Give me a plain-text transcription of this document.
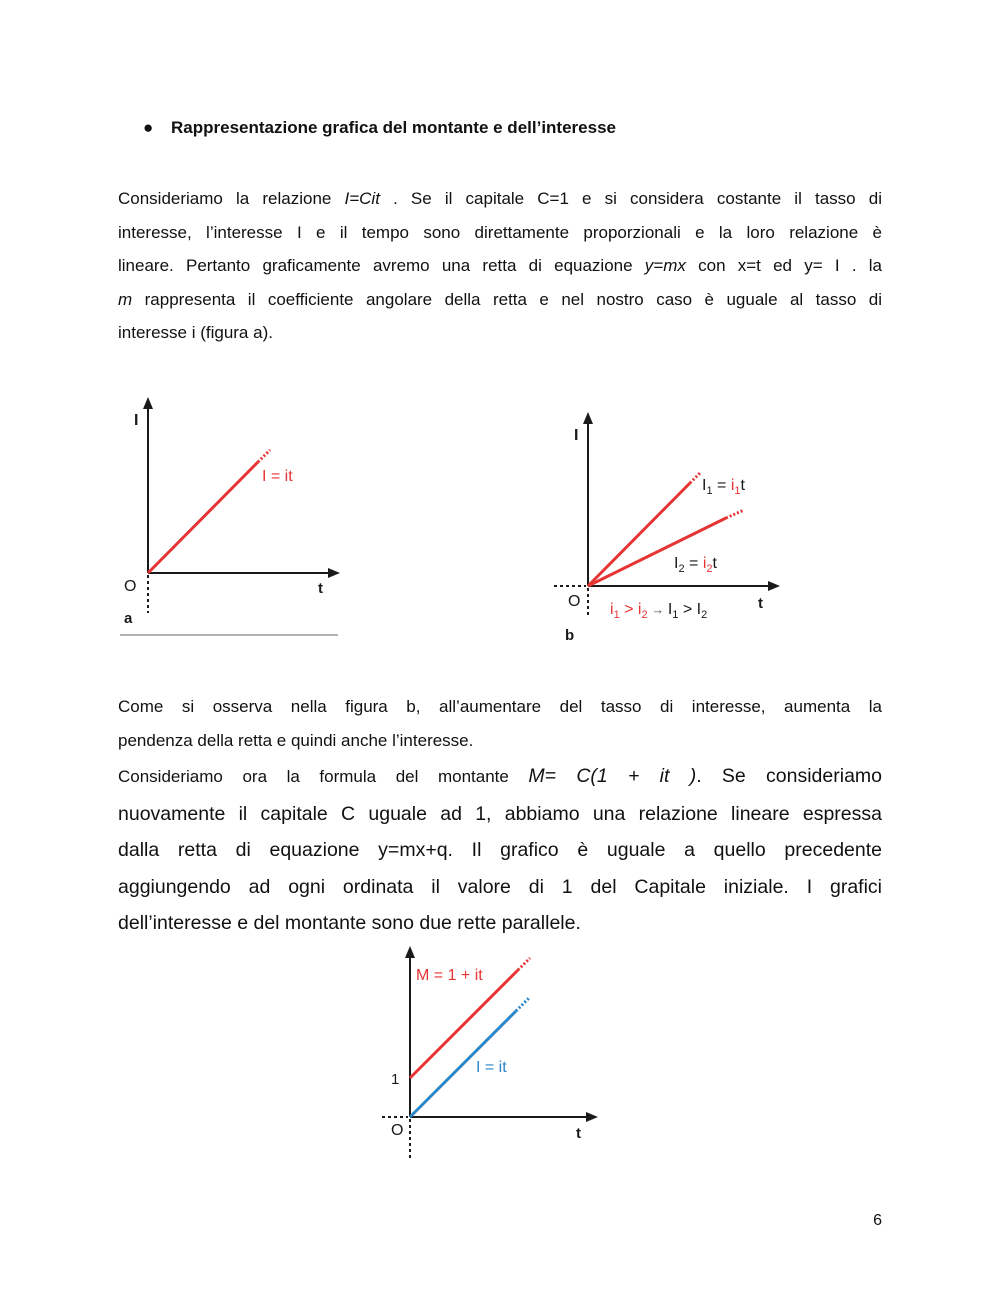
● Rappresentazione grafica del montante e dell’interesse
Consideriamo la relazione I=Cit . Se il capitale C=1 e si considera costante il tasso di
interesse, l’interesse I e il tempo sono direttamente proporzionali e la loro relazione è
lineare. Pertanto graficamente avremo una retta di equazione y=mx con x=t ed y= I . la
m rappresenta il coefficiente angolare della retta e nel nostro caso è uguale al tasso di
interesse i (figura a).
I
t
O
I = it
a
I
t
O
$I_1 = i_1t$
$I_2 = i_2t$
$i_1 > i_2$ → $I_1 > I_2$
b
Come si osserva nella figura b, all’aumentare del tasso di interesse, aumenta la
pendenza della retta e quindi anche l’interesse.
Consideriamo ora la formula del montante M= C(1 + it ). Se consideriamo
nuovamente il capitale C uguale ad 1, abbiamo una relazione lineare espressa
dalla retta di equazione y=mx+q. Il grafico è uguale a quello precedente
aggiungendo ad ogni ordinata il valore di 1 del Capitale iniziale. I grafici
dell’interesse e del montante sono due rette parallele.
M = 1 + it
I = it
1
O	t
6
